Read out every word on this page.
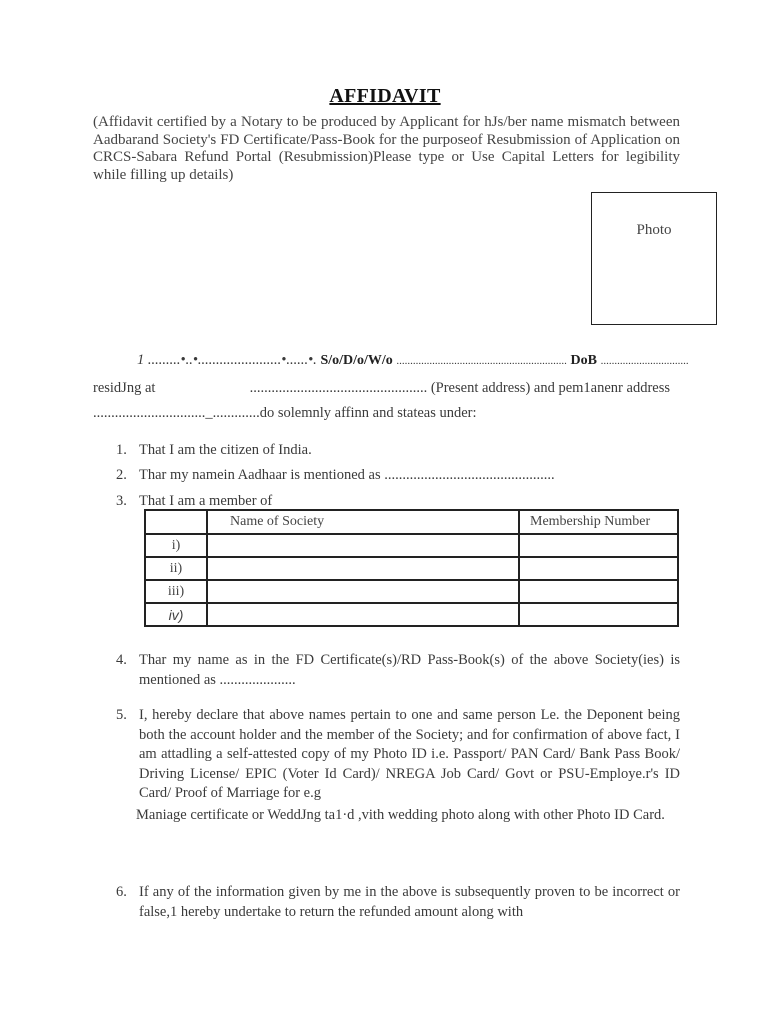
AFFIDAVIT
(Affidavit certified by a Notary to be produced by Applicant for hJs/ber name mismatch between Aadbarand Society's FD Certificate/Pass-Book for the purposeof Resubmission of Application on CRCS-Sabara Refund Portal (Resubmission)Please type or Use Capital Letters for legibility while filling up details)
Photo
1 .........•..•.......................•......•. S/o/D/o/W/o .............................................................. DoB ................................
residJng at	................................................. (Present address) and pem1anenr address
..............................._.............do solemnly affinn and stateas under:
1. That I am the citizen of India.
2. Thar my namein Aadhaar is mentioned as ...............................................
3. That I am a member of
	Name of Society	Membership Number
i)		
ii)		
iii)		
iv)		
4. Thar my name as in the FD Certificate(s)/RD Pass-Book(s) of the above Society(ies) is mentioned as .....................
5. I, hereby declare that above names pertain to one and same person Le. the Deponent being both the account holder and the member of the Society; and for confirmation of above fact, I am attadling a self-attested copy of my Photo ID i.e. Passport/ PAN Card/ Bank Pass Book/ Driving License/ EPIC (Voter Id Card)/ NREGA Job Card/ Govt or PSU-Employe.r's ID Card/ Proof of Marriage for e.g
Maniage certificate or WeddJng ta1·d ,vith wedding photo along with other Photo ID Card.
6. If any of the information given by me in the above is subsequently proven to be incorrect or false,1 hereby undertake to return the refunded amount along with
